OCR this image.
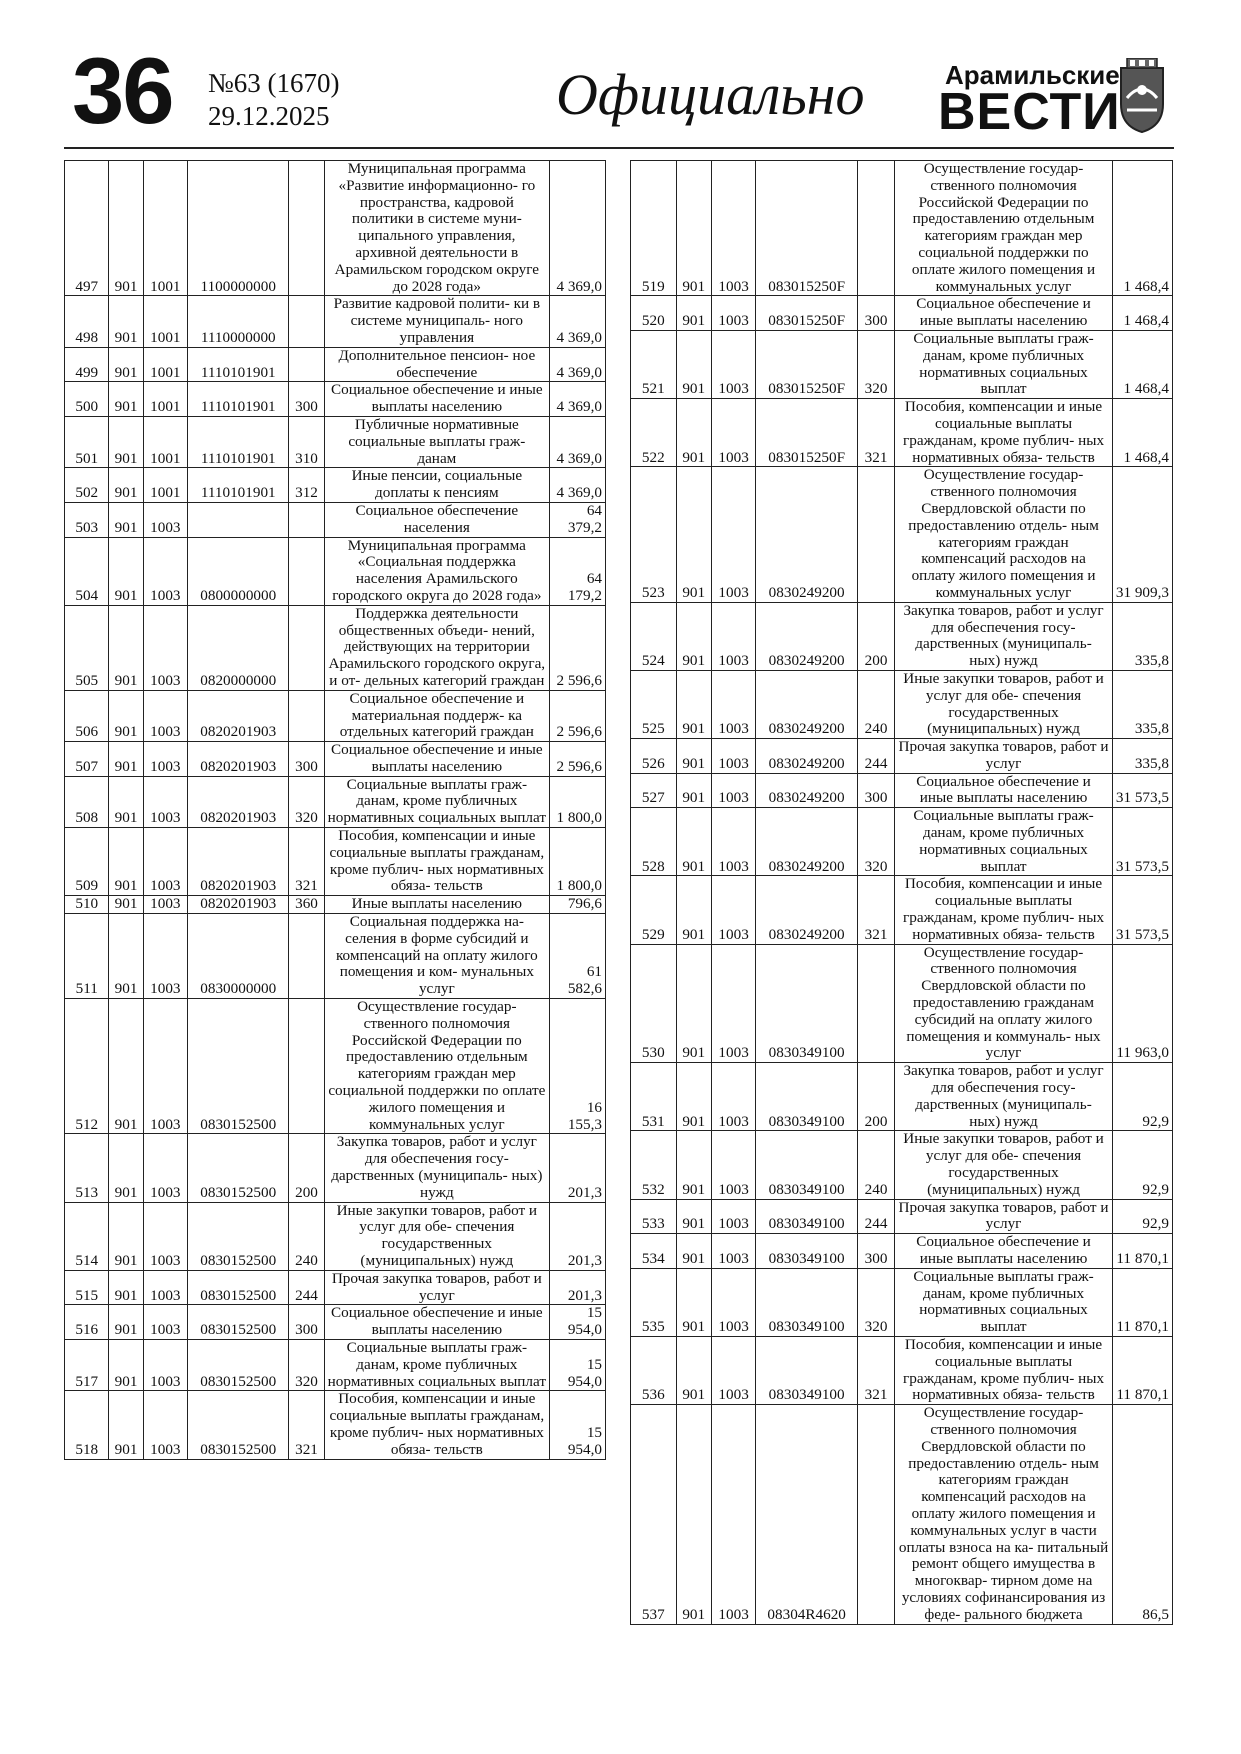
36 №63 (1670)
29.12.2025	Официально	Арамильские
ВЕСТИ
497	901	1001	1100000000		Муниципальная программа «Развитие информационно- го пространства, кадровой политики в системе муни- ципального управления, архивной деятельности в Арамильском городском округе до 2028 года»	4 369,0
498	901	1001	1110000000		Развитие кадровой полити- ки в системе муниципаль- ного управления	4 369,0
499	901	1001	1110101901		Дополнительное пенсион- ное обеспечение	4 369,0
500	901	1001	1110101901	300	Социальное обеспечение и иные выплаты населению	4 369,0
501	901	1001	1110101901	310	Публичные нормативные социальные выплаты граж- данам	4 369,0
502	901	1001	1110101901	312	Иные пенсии, социальные доплаты к пенсиям	4 369,0
503	901	1003			Социальное обеспечение населения	64 379,2
504	901	1003	0800000000		Муниципальная программа «Социальная поддержка населения Арамильского городского округа до 2028 года»	64 179,2
505	901	1003	0820000000		Поддержка деятельности общественных объеди- нений, действующих на территории Арамильского городского округа, и от- дельных категорий граждан	2 596,6
506	901	1003	0820201903		Социальное обеспечение и материальная поддерж- ка отдельных категорий граждан	2 596,6
507	901	1003	0820201903	300	Социальное обеспечение и иные выплаты населению	2 596,6
508	901	1003	0820201903	320	Социальные выплаты граж- данам, кроме публичных нормативных социальных выплат	1 800,0
509	901	1003	0820201903	321	Пособия, компенсации и иные социальные выплаты гражданам, кроме публич- ных нормативных обяза- тельств	1 800,0
510	901	1003	0820201903	360	Иные выплаты населению	796,6
511	901	1003	0830000000		Социальная поддержка на- селения в форме субсидий и компенсаций на оплату жилого помещения и ком- мунальных услуг	61 582,6
512	901	1003	0830152500		Осуществление государ- ственного полномочия Российской Федерации по предоставлению отдельным категориям граждан мер социальной поддержки по оплате жилого помещения и коммунальных услуг	16 155,3
513	901	1003	0830152500	200	Закупка товаров, работ и услуг для обеспечения госу- дарственных (муниципаль- ных) нужд	201,3
514	901	1003	0830152500	240	Иные закупки товаров, работ и услуг для обе- спечения государственных (муниципальных) нужд	201,3
515	901	1003	0830152500	244	Прочая закупка товаров, работ и услуг	201,3
516	901	1003	0830152500	300	Социальное обеспечение и иные выплаты населению	15 954,0
517	901	1003	0830152500	320	Социальные выплаты граж- данам, кроме публичных нормативных социальных выплат	15 954,0
518	901	1003	0830152500	321	Пособия, компенсации и иные социальные выплаты гражданам, кроме публич- ных нормативных обяза- тельств	15 954,0
519	901	1003	083015250F		Осуществление государ- ственного полномочия Российской Федерации по предоставлению отдельным категориям граждан мер социальной поддержки по оплате жилого помещения и коммунальных услуг	1 468,4
520	901	1003	083015250F	300	Социальное обеспечение и иные выплаты населению	1 468,4
521	901	1003	083015250F	320	Социальные выплаты граж- данам, кроме публичных нормативных социальных выплат	1 468,4
522	901	1003	083015250F	321	Пособия, компенсации и иные социальные выплаты гражданам, кроме публич- ных нормативных обяза- тельств	1 468,4
523	901	1003	0830249200		Осуществление государ- ственного полномочия Свердловской области по предоставлению отдель- ным категориям граждан компенсаций расходов на оплату жилого помещения и коммунальных услуг	31 909,3
524	901	1003	0830249200	200	Закупка товаров, работ и услуг для обеспечения госу- дарственных (муниципаль- ных) нужд	335,8
525	901	1003	0830249200	240	Иные закупки товаров, работ и услуг для обе- спечения государственных (муниципальных) нужд	335,8
526	901	1003	0830249200	244	Прочая закупка товаров, работ и услуг	335,8
527	901	1003	0830249200	300	Социальное обеспечение и иные выплаты населению	31 573,5
528	901	1003	0830249200	320	Социальные выплаты граж- данам, кроме публичных нормативных социальных выплат	31 573,5
529	901	1003	0830249200	321	Пособия, компенсации и иные социальные выплаты гражданам, кроме публич- ных нормативных обяза- тельств	31 573,5
530	901	1003	0830349100		Осуществление государ- ственного полномочия Свердловской области по предоставлению гражданам субсидий на оплату жилого помещения и коммуналь- ных услуг	11 963,0
531	901	1003	0830349100	200	Закупка товаров, работ и услуг для обеспечения госу- дарственных (муниципаль- ных) нужд	92,9
532	901	1003	0830349100	240	Иные закупки товаров, работ и услуг для обе- спечения государственных (муниципальных) нужд	92,9
533	901	1003	0830349100	244	Прочая закупка товаров, работ и услуг	92,9
534	901	1003	0830349100	300	Социальное обеспечение и иные выплаты населению	11 870,1
535	901	1003	0830349100	320	Социальные выплаты граж- данам, кроме публичных нормативных социальных выплат	11 870,1
536	901	1003	0830349100	321	Пособия, компенсации и иные социальные выплаты гражданам, кроме публич- ных нормативных обяза- тельств	11 870,1
537	901	1003	08304R4620		Осуществление государ- ственного полномочия Свердловской области по предоставлению отдель- ным категориям граждан компенсаций расходов на оплату жилого помещения и коммунальных услуг в части оплаты взноса на ка- питальный ремонт общего имущества в многоквар- тирном доме на условиях софинансирования из феде- рального бюджета	86,5
